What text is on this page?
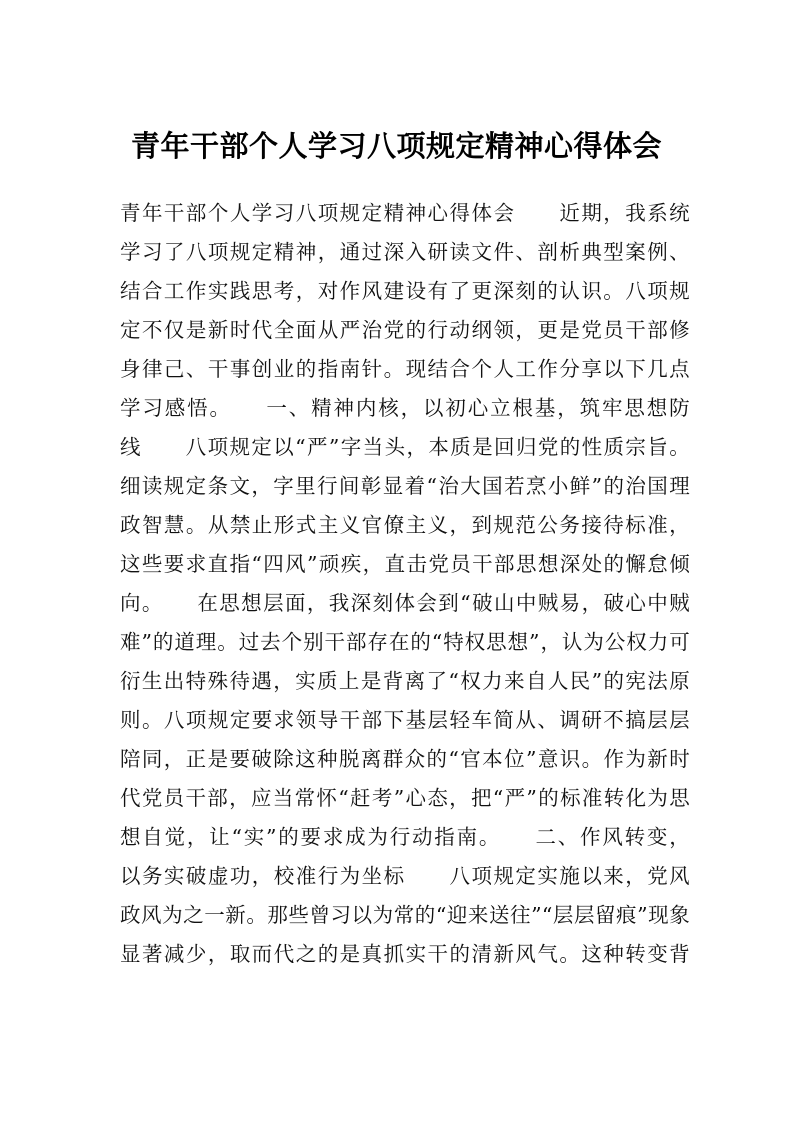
青年干部个人学习八项规定精神心得体会
青年干部个人学习八项规定精神心得体会　　近期，我系统
学习了八项规定精神，通过深入研读文件、剖析典型案例、
结合工作实践思考，对作风建设有了更深刻的认识。八项规
定不仅是新时代全面从严治党的行动纲领，更是党员干部修
身律己、干事创业的指南针。现结合个人工作分享以下几点
学习感悟。　　一、精神内核，以初心立根基，筑牢思想防
线　　八项规定以“严”字当头，本质是回归党的性质宗旨。
细读规定条文，字里行间彰显着“治大国若烹小鲜”的治国理
政智慧。从禁止形式主义官僚主义，到规范公务接待标准，
这些要求直指“四风”顽疾，直击党员干部思想深处的懈怠倾
向。　　在思想层面，我深刻体会到“破山中贼易，破心中贼
难”的道理。过去个别干部存在的“特权思想”，认为公权力可
衍生出特殊待遇，实质上是背离了“权力来自人民”的宪法原
则。八项规定要求领导干部下基层轻车简从、调研不搞层层
陪同，正是要破除这种脱离群众的“官本位”意识。作为新时
代党员干部，应当常怀“赶考”心态，把“严”的标准转化为思
想自觉，让“实”的要求成为行动指南。　　二、作风转变，
以务实破虚功，校准行为坐标　　八项规定实施以来，党风
政风为之一新。那些曾习以为常的“迎来送往”“层层留痕”现象
显著减少，取而代之的是真抓实干的清新风气。这种转变背
